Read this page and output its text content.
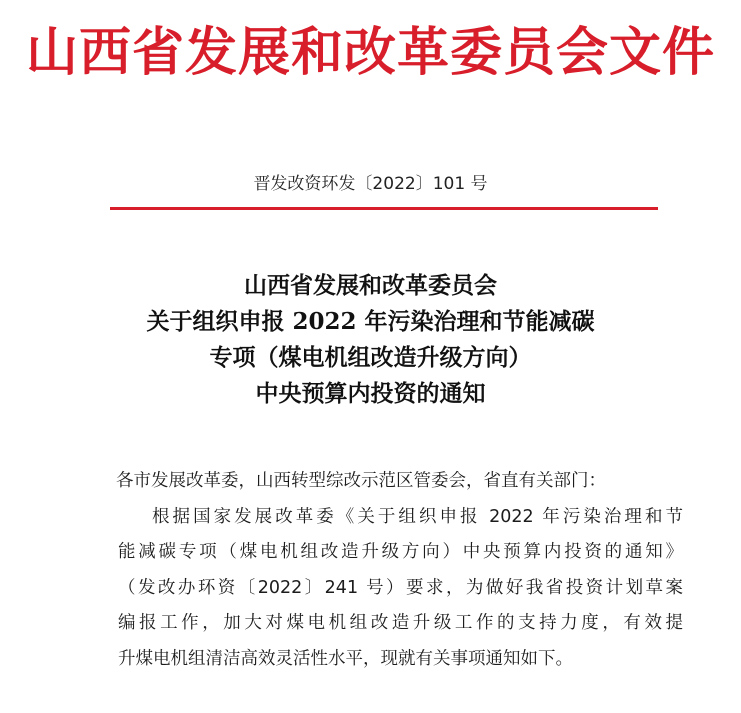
山西省发展和改革委员会文件
晋发改资环发〔2022〕101 号
山西省发展和改革委员会
关于组织申报 2022 年污染治理和节能减碳
专项（煤电机组改造升级方向）
中央预算内投资的通知
各市发展改革委，山西转型综改示范区管委会，省直有关部门：
根据国家发展改革委《关于组织申报 2022 年污染治理和节
能减碳专项（煤电机组改造升级方向）中央预算内投资的通知》
（发改办环资〔2022〕241 号）要求，为做好我省投资计划草案
编报工作，加大对煤电机组改造升级工作的支持力度，有效提
升煤电机组清洁高效灵活性水平，现就有关事项通知如下。
